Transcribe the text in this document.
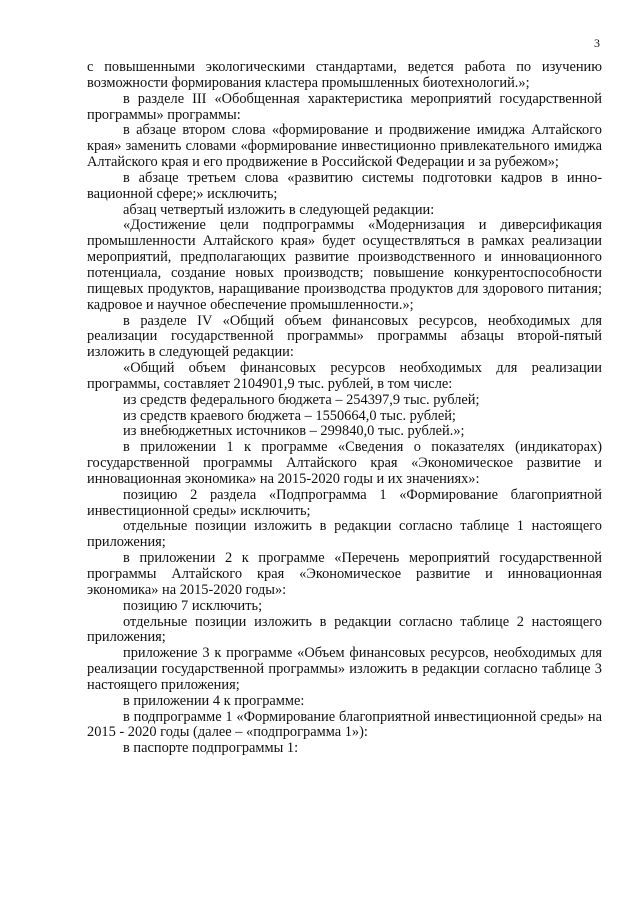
3

с повышенными экологическими стандартами, ведется работа по изучению возможности формирования кластера промышленных биотехнологий.»;

в разделе III «Обобщенная характеристика мероприятий государственной программы» программы:

в абзаце втором слова «формирование и продвижение имиджа Алтайского края» заменить словами «формирование инвестиционно привлекательного имиджа Алтайского края и его продвижение в Российской Федерации и за рубежом»;

в абзаце третьем слова «развитию системы подготовки кадров в инновационной сфере;» исключить;

абзац четвертый изложить в следующей редакции:

«Достижение цели подпрограммы «Модернизация и диверсификация промышленности Алтайского края» будет осуществляться в рамках реализации мероприятий, предполагающих развитие производственного и инновационного потенциала, создание новых производств; повышение конкурентоспособности пищевых продуктов, наращивание производства продуктов для здорового питания; кадровое и научное обеспечение промышленности.»;

в разделе IV «Общий объем финансовых ресурсов, необходимых для реализации государственной программы» программы абзацы второй-пятый изложить в следующей редакции:

«Общий объем финансовых ресурсов необходимых для реализации программы, составляет 2104901,9 тыс. рублей, в том числе:

из средств федерального бюджета – 254397,9 тыс. рублей;

из средств краевого бюджета – 1550664,0 тыс. рублей;

из внебюджетных источников – 299840,0 тыс. рублей.»;

в приложении 1 к программе «Сведения о показателях (индикаторах) государственной программы Алтайского края «Экономическое развитие и инновационная экономика» на 2015-2020 годы и их значениях»:

позицию 2 раздела «Подпрограмма 1 «Формирование благоприятной инвестиционной среды» исключить;

отдельные позиции изложить в редакции согласно таблице 1 настоящего приложения;

в приложении 2 к программе «Перечень мероприятий государственной программы Алтайского края «Экономическое развитие и инновационная экономика» на 2015-2020 годы»:

позицию 7 исключить;

отдельные позиции изложить в редакции согласно таблице 2 настоящего приложения;

приложение 3 к программе «Объем финансовых ресурсов, необходимых для реализации государственной программы» изложить в редакции согласно таблице 3 настоящего приложения;

в приложении 4 к программе:

в подпрограмме 1 «Формирование благоприятной инвестиционной среды» на 2015 - 2020 годы (далее – «подпрограмма 1»):

в паспорте подпрограммы 1:
